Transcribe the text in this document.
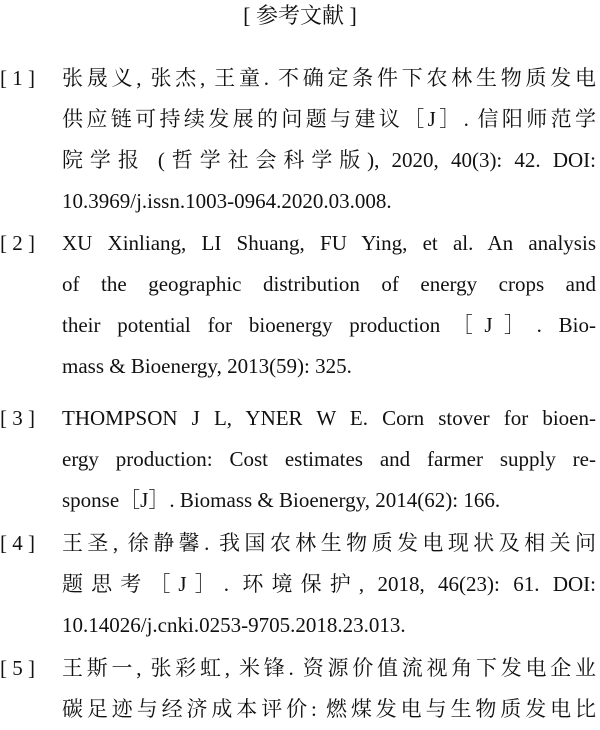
[ 参考文献 ]
[ 1 ]	张晟义, 张杰, 王童. 不确定条件下农林生物质发电
供应链可持续发展的问题与建议［J］. 信阳师范学
院学报 (哲学社会科学版), 2020, 40(3): 42. DOI:
10.3969/j.issn.1003-0964.2020.03.008.
[ 2 ]	XU Xinliang, LI Shuang, FU Ying, et al. An analysis
of the geographic distribution of energy crops and
their potential for bioenergy production［J］. Bio-
mass & Bioenergy, 2013(59): 325.
[ 3 ]	THOMPSON J L, YNER W E. Corn stover for bioen-
ergy production: Cost estimates and farmer supply re-
sponse［J］. Biomass & Bioenergy, 2014(62): 166.
[ 4 ]	王圣, 徐静馨. 我国农林生物质发电现状及相关问
题思考［J］. 环境保护, 2018, 46(23): 61. DOI:
10.14026/j.cnki.0253-9705.2018.23.013.
[ 5 ]	王斯一, 张彩虹, 米锋. 资源价值流视角下发电企业
碳足迹与经济成本评价: 燃煤发电与生物质发电比
